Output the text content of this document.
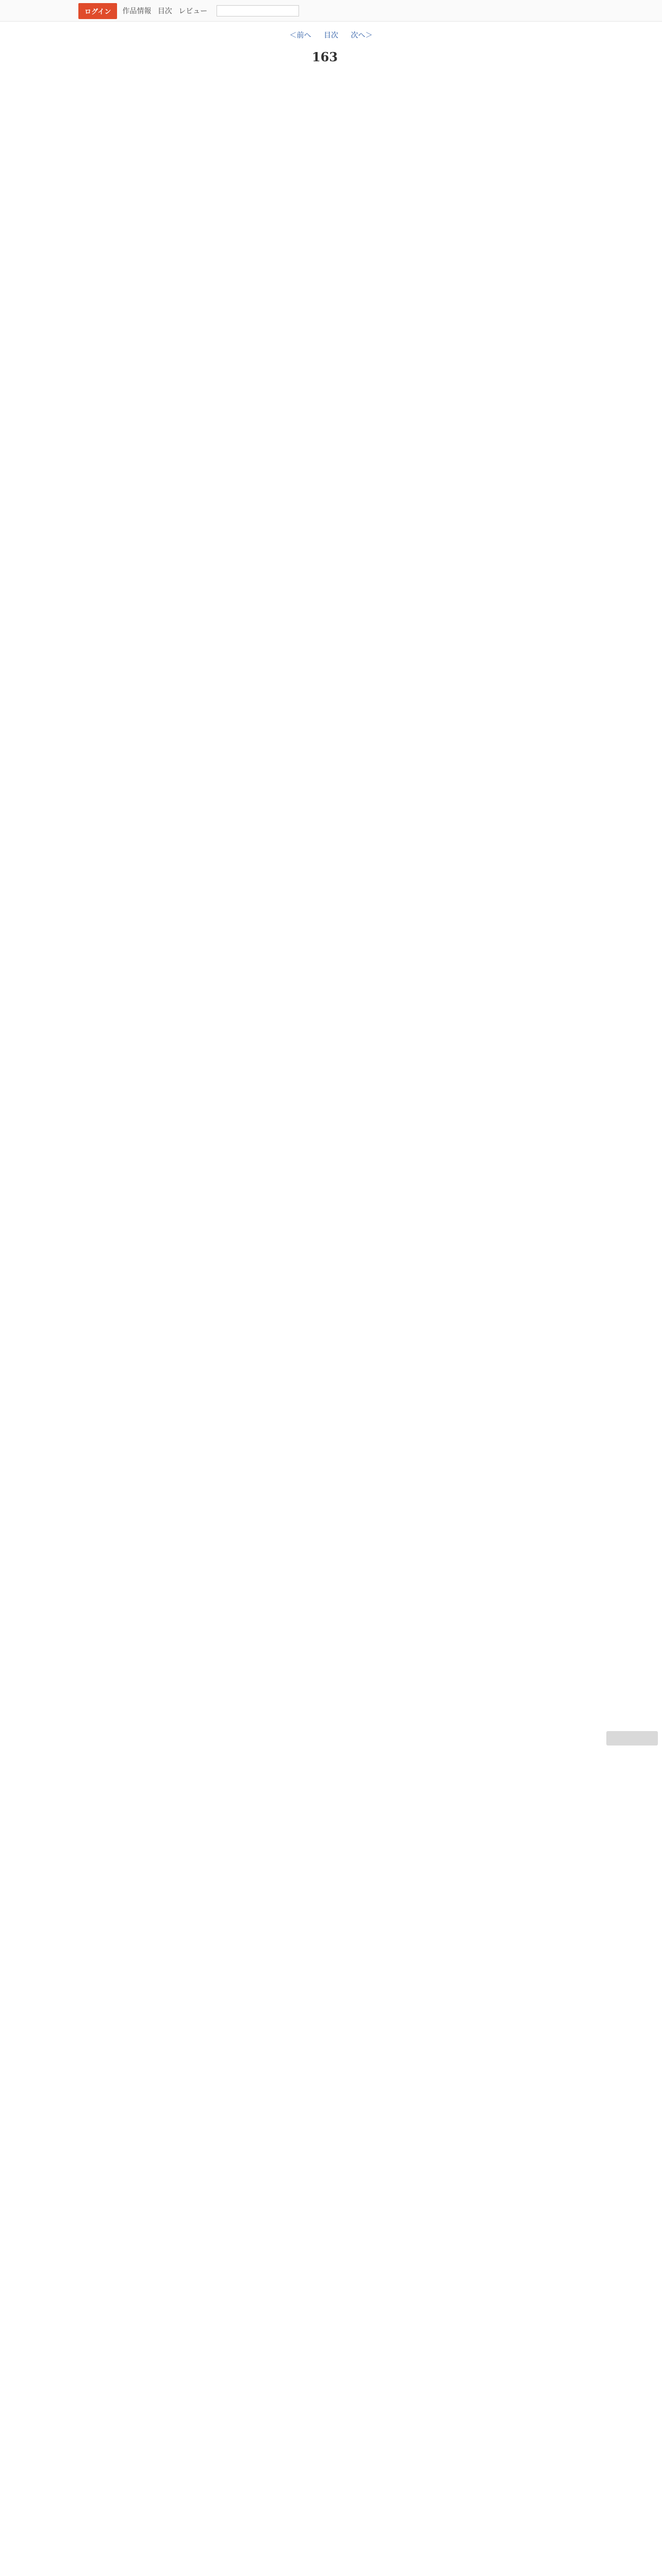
ログイン	作品情報 目次 レビュー
＜前へ 目次 次へ＞
163
